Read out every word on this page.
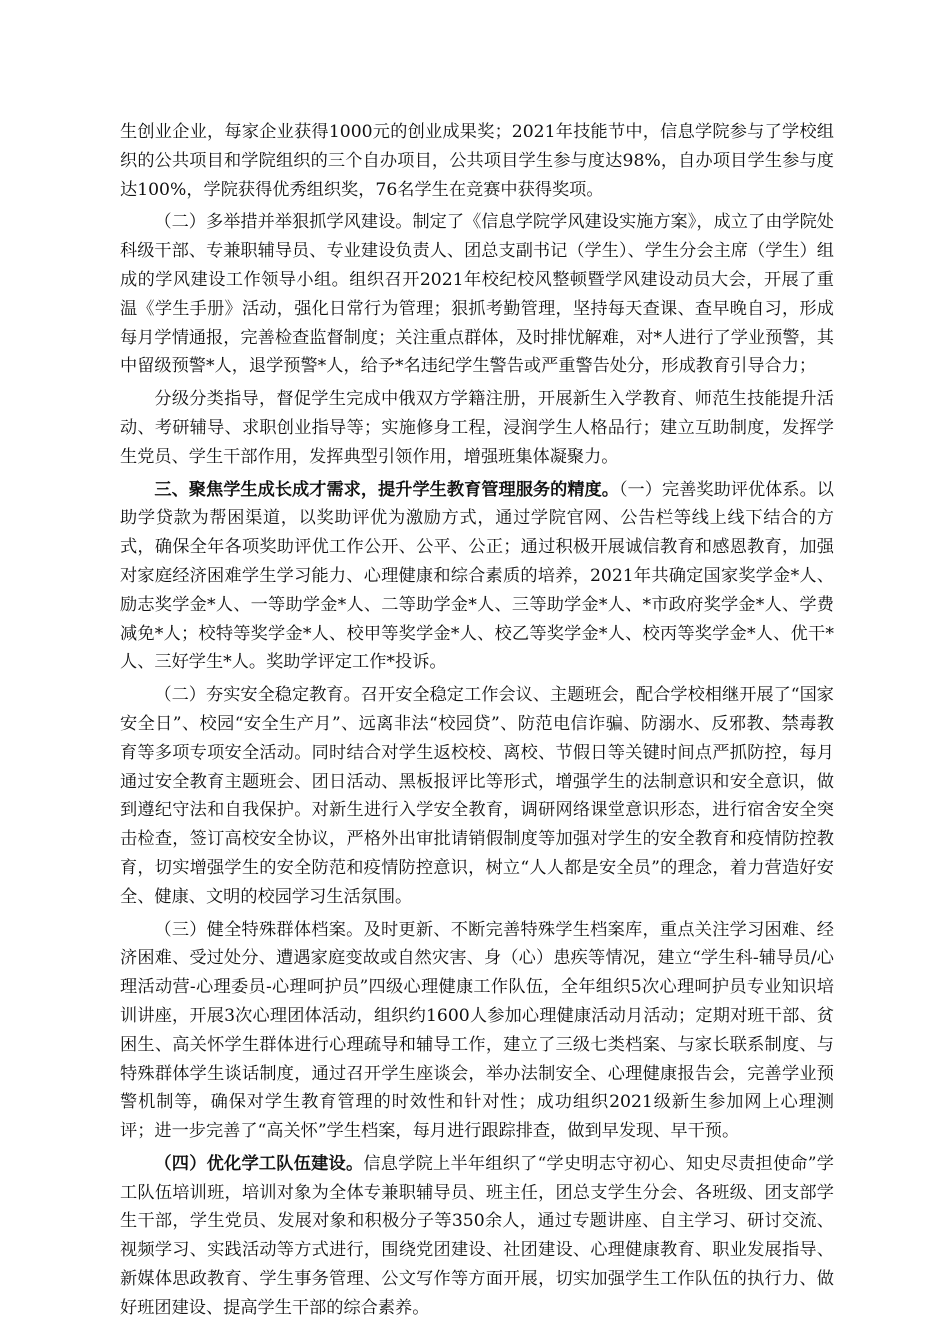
生创业企业，每家企业获得1000元的创业成果奖；2021年技能节中，信息学院参与了学校组织的公共项目和学院组织的三个自办项目，公共项目学生参与度达98%，自办项目学生参与度达100%，学院获得优秀组织奖，76名学生在竞赛中获得奖项。

（二）多举措并举狠抓学风建设。制定了《信息学院学风建设实施方案》，成立了由学院处科级干部、专兼职辅导员、专业建设负责人、团总支副书记（学生）、学生分会主席（学生）组成的学风建设工作领导小组。组织召开2021年校纪校风整顿暨学风建设动员大会，开展了重温《学生手册》活动，强化日常行为管理；狠抓考勤管理，坚持每天查课、查早晚自习，形成每月学情通报，完善检查监督制度；关注重点群体，及时排忧解难，对*人进行了学业预警，其中留级预警*人，退学预警*人，给予*名违纪学生警告或严重警告处分，形成教育引导合力；

分级分类指导，督促学生完成中俄双方学籍注册，开展新生入学教育、师范生技能提升活动、考研辅导、求职创业指导等；实施修身工程，浸润学生人格品行；建立互助制度，发挥学生党员、学生干部作用，发挥典型引领作用，增强班集体凝聚力。

三、聚焦学生成长成才需求，提升学生教育管理服务的精度。（一）完善奖助评优体系。以助学贷款为帮困渠道，以奖助评优为激励方式，通过学院官网、公告栏等线上线下结合的方式，确保全年各项奖助评优工作公开、公平、公正；通过积极开展诚信教育和感恩教育，加强对家庭经济困难学生学习能力、心理健康和综合素质的培养，2021年共确定国家奖学金*人、励志奖学金*人、一等助学金*人、二等助学金*人、三等助学金*人、*市政府奖学金*人、学费减免*人；校特等奖学金*人、校甲等奖学金*人、校乙等奖学金*人、校丙等奖学金*人、优干*人、三好学生*人。奖助学评定工作*投诉。

（二）夯实安全稳定教育。召开安全稳定工作会议、主题班会，配合学校相继开展了“国家安全日”、校园“安全生产月”、远离非法“校园贷”、防范电信诈骗、防溺水、反邪教、禁毒教育等多项专项安全活动。同时结合对学生返校校、离校、节假日等关键时间点严抓防控，每月通过安全教育主题班会、团日活动、黑板报评比等形式，增强学生的法制意识和安全意识，做到遵纪守法和自我保护。对新生进行入学安全教育，调研网络课堂意识形态，进行宿舍安全突击检查，签订高校安全协议，严格外出审批请销假制度等加强对学生的安全教育和疫情防控教育，切实增强学生的安全防范和疫情防控意识，树立“人人都是安全员”的理念，着力营造好安全、健康、文明的校园学习生活氛围。

（三）健全特殊群体档案。及时更新、不断完善特殊学生档案库，重点关注学习困难、经济困难、受过处分、遭遇家庭变故或自然灾害、身（心）患疾等情况，建立“学生科-辅导员/心理活动营-心理委员-心理呵护员”四级心理健康工作队伍，全年组织5次心理呵护员专业知识培训讲座，开展3次心理团体活动，组织约1600人参加心理健康活动月活动；定期对班干部、贫困生、高关怀学生群体进行心理疏导和辅导工作，建立了三级七类档案、与家长联系制度、与特殊群体学生谈话制度，通过召开学生座谈会，举办法制安全、心理健康报告会，完善学业预警机制等，确保对学生教育管理的时效性和针对性；成功组织2021级新生参加网上心理测评；进一步完善了“高关怀”学生档案，每月进行跟踪排查，做到早发现、早干预。

（四）优化学工队伍建设。信息学院上半年组织了“学史明志守初心、知史尽责担使命”学工队伍培训班，培训对象为全体专兼职辅导员、班主任，团总支学生分会、各班级、团支部学生干部，学生党员、发展对象和积极分子等350余人，通过专题讲座、自主学习、研讨交流、视频学习、实践活动等方式进行，围绕党团建设、社团建设、心理健康教育、职业发展指导、新媒体思政教育、学生事务管理、公文写作等方面开展，切实加强学生工作队伍的执行力、做好班团建设、提高学生干部的综合素养。
